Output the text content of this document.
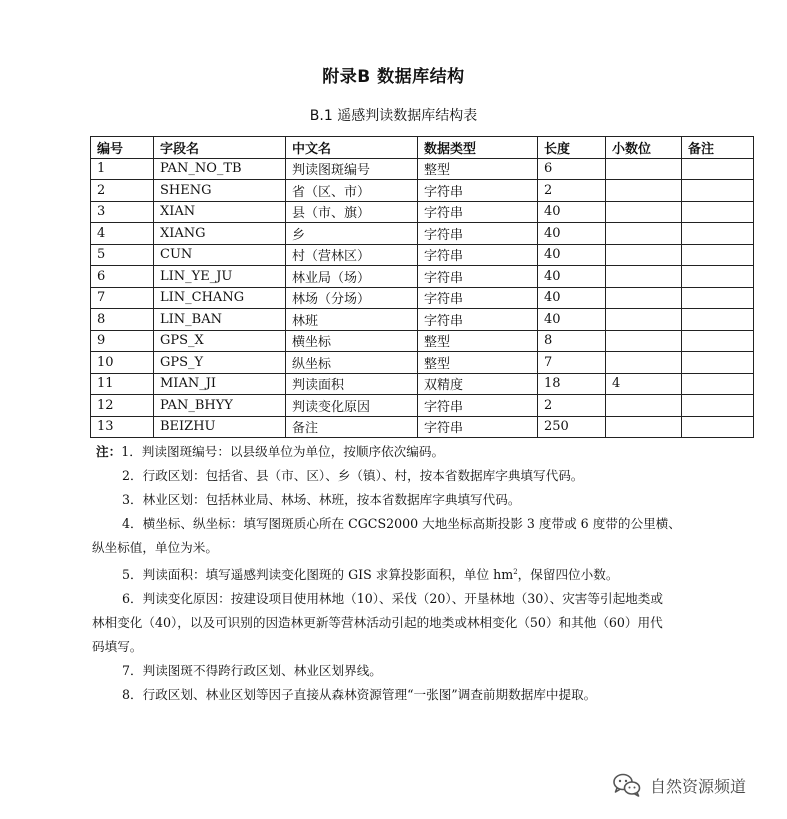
附录B 数据库结构
B.1 遥感判读数据库结构表
编号	字段名	中文名	数据类型	长度	小数位	备注
1	PAN_NO_TB	判读图斑编号	整型	6		
2	SHENG	省（区、市）	字符串	2		
3	XIAN	县（市、旗）	字符串	40		
4	XIANG	乡	字符串	40		
5	CUN	村（营林区）	字符串	40		
6	LIN_YE_JU	林业局（场）	字符串	40		
7	LIN_CHANG	林场（分场）	字符串	40		
8	LIN_BAN	林班	字符串	40		
9	GPS_X	横坐标	整型	8		
10	GPS_Y	纵坐标	整型	7		
11	MIAN_JI	判读面积	双精度	18	4	
12	PAN_BHYY	判读变化原因	字符串	2		
13	BEIZHU	备注	字符串	250		

注：1．判读图斑编号：以县级单位为单位，按顺序依次编码。

2．行政区划：包括省、县（市、区）、乡（镇）、村，按本省数据库字典填写代码。

3．林业区划：包括林业局、林场、林班，按本省数据库字典填写代码。

4．横坐标、纵坐标：填写图斑质心所在 CGCS2000 大地坐标高斯投影 3 度带或 6 度带的公里横、

纵坐标值，单位为米。

5．判读面积：填写遥感判读变化图斑的 GIS 求算投影面积，单位 $hm^2$，保留四位小数。

6．判读变化原因：按建设项目使用林地（10）、采伐（20）、开垦林地（30）、灾害等引起地类或

林相变化（40），以及可识别的因造林更新等营林活动引起的地类或林相变化（50）和其他（60）用代

码填写。

7．判读图斑不得跨行政区划、林业区划界线。

8．行政区划、林业区划等因子直接从森林资源管理“一张图”调查前期数据库中提取。

自然资源频道
